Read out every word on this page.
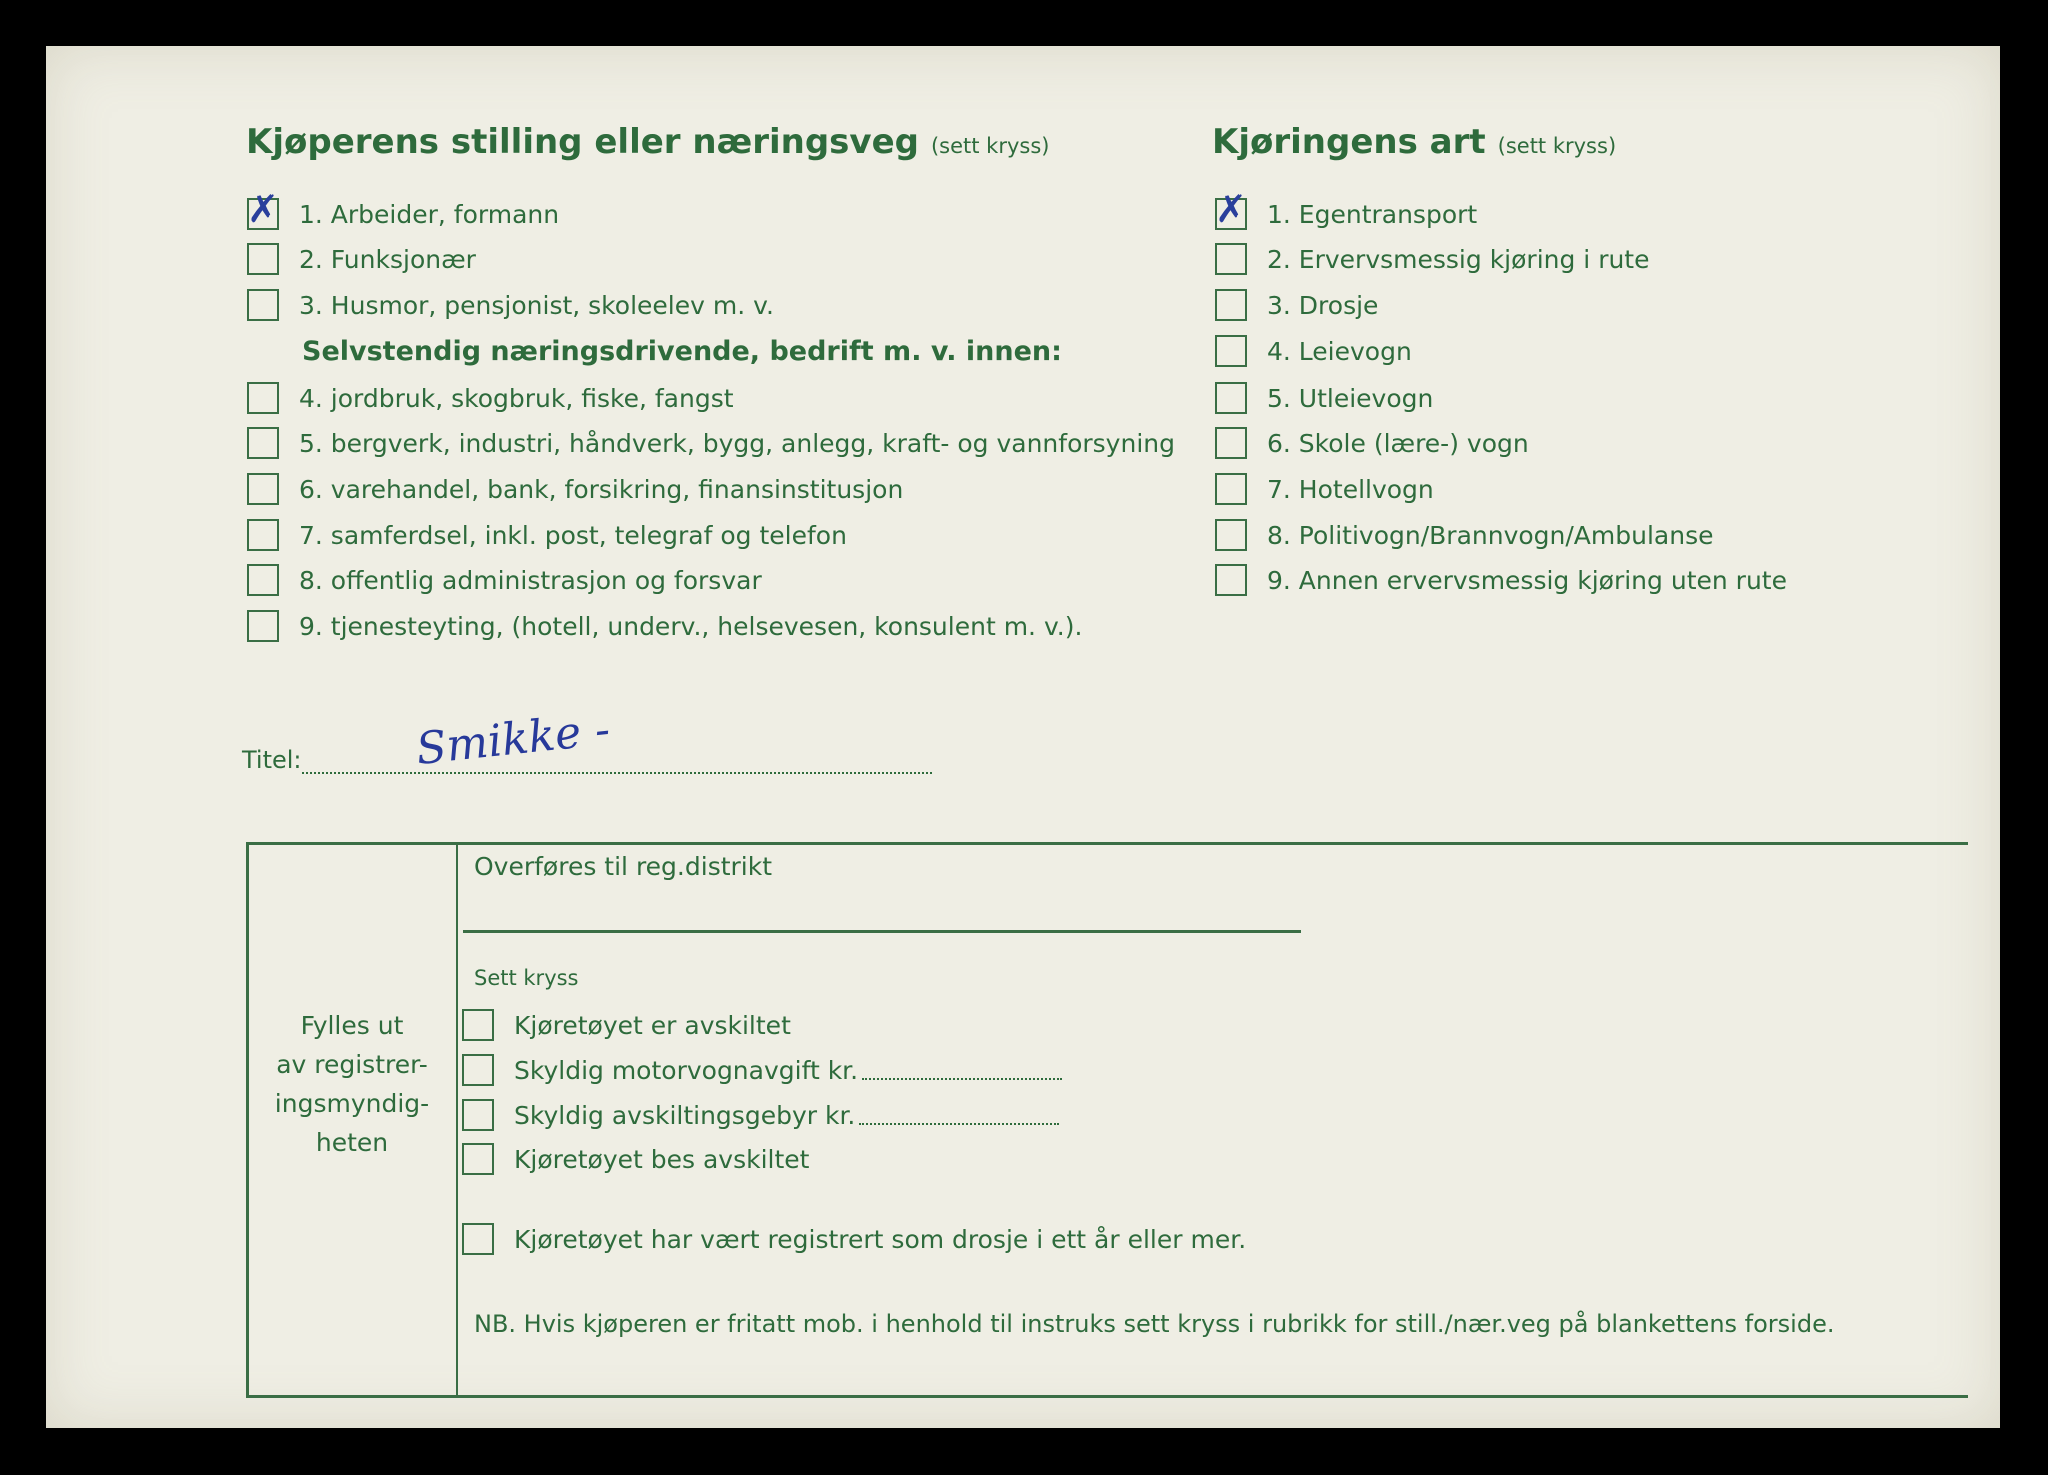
Kjøperens stilling eller næringsveg (sett kryss)
✗ 1. Arbeider, formann
2. Funksjonær
3. Husmor, pensjonist, skoleelev m. v.
Selvstendig næringsdrivende, bedrift m. v. innen:
4. jordbruk, skogbruk, fiske, fangst
5. bergverk, industri, håndverk, bygg, anlegg, kraft- og vannforsyning
6. varehandel, bank, forsikring, finansinstitusjon
7. samferdsel, inkl. post, telegraf og telefon
8. offentlig administrasjon og forsvar
9. tjenesteyting, (hotell, underv., helsevesen, konsulent m. v.).
Kjøringens art (sett kryss)
✗ 1. Egentransport
2. Ervervsmessig kjøring i rute
3. Drosje
4. Leievogn
5. Utleievogn
6. Skole (lære-) vogn
7. Hotellvogn
8. Politivogn/Brannvogn/Ambulanse
9. Annen ervervsmessig kjøring uten rute
Titel:	Smikke -
Fylles ut
av registrer-
ingsmyndig-
heten
Overføres til reg.distrikt
Sett kryss
Kjøretøyet er avskiltet
Skyldig motorvognavgift kr.
Skyldig avskiltingsgebyr kr.
Kjøretøyet bes avskiltet
Kjøretøyet har vært registrert som drosje i ett år eller mer.
NB. Hvis kjøperen er fritatt mob. i henhold til instruks sett kryss i rubrikk for still./nær.veg på blankettens forside.
